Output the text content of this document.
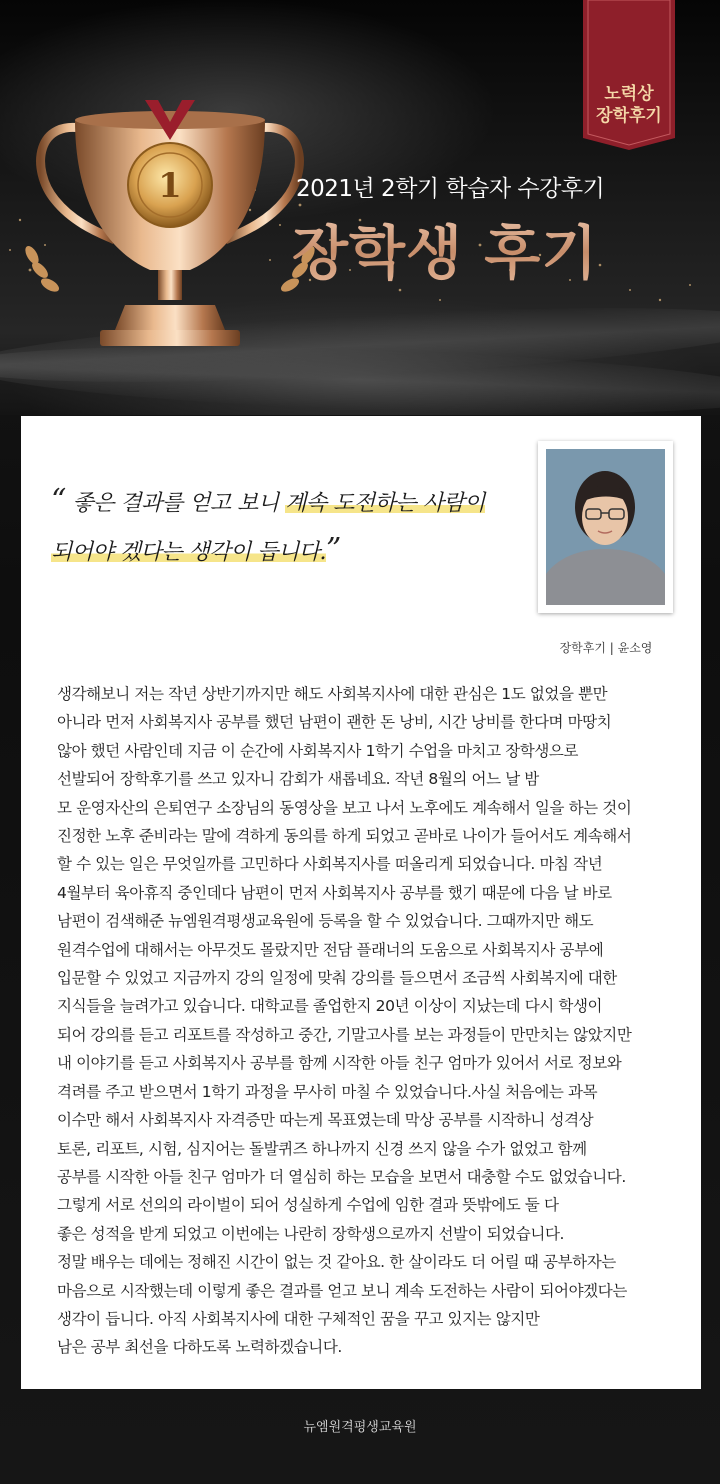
1
노력상
장학후기
2021년 2학기 학습자 수강후기
장학생 후기
“ 좋은 결과를 얻고 보니 계속 도전하는 사람이
되어야 겠다는 생각이 듭니다.”
장학후기 | 윤소영

생각해보니 저는 작년 상반기까지만 해도 사회복지사에 대한 관심은 1도 없었을 뿐만

아니라 먼저 사회복지사 공부를 했던 남편이 괜한 돈 낭비, 시간 낭비를 한다며 마땅치

않아 했던 사람인데 지금 이 순간에 사회복지사 1학기 수업을 마치고 장학생으로

선발되어 장학후기를 쓰고 있자니 감회가 새롭네요. 작년 8월의 어느 날 밤

모 운영자산의 은퇴연구 소장님의 동영상을 보고 나서 노후에도 계속해서 일을 하는 것이

진정한 노후 준비라는 말에 격하게 동의를 하게 되었고 곧바로 나이가 들어서도 계속해서

할 수 있는 일은 무엇일까를 고민하다 사회복지사를 떠올리게 되었습니다. 마침 작년

4월부터 육아휴직 중인데다 남편이 먼저 사회복지사 공부를 했기 때문에 다음 날 바로

남편이 검색해준 뉴엠원격평생교육원에 등록을 할 수 있었습니다. 그때까지만 해도

원격수업에 대해서는 아무것도 몰랐지만 전담 플래너의 도움으로 사회복지사 공부에

입문할 수 있었고 지금까지 강의 일정에 맞춰 강의를 들으면서 조금씩 사회복지에 대한

지식들을 늘려가고 있습니다. 대학교를 졸업한지 20년 이상이 지났는데 다시 학생이

되어 강의를 듣고 리포트를 작성하고 중간, 기말고사를 보는 과정들이 만만치는 않았지만

내 이야기를 듣고 사회복지사 공부를 함께 시작한 아들 친구 엄마가 있어서 서로 정보와

격려를 주고 받으면서 1학기 과정을 무사히 마칠 수 있었습니다.사실 처음에는 과목

이수만 해서 사회복지사 자격증만 따는게 목표였는데 막상 공부를 시작하니 성격상

토론, 리포트, 시험, 심지어는 돌발퀴즈 하나까지 신경 쓰지 않을 수가 없었고 함께

공부를 시작한 아들 친구 엄마가 더 열심히 하는 모습을 보면서 대충할 수도 없었습니다.

그렇게 서로 선의의 라이벌이 되어 성실하게 수업에 임한 결과 뜻밖에도 둘 다

좋은 성적을 받게 되었고 이번에는 나란히 장학생으로까지 선발이 되었습니다.

정말 배우는 데에는 정해진 시간이 없는 것 같아요. 한 살이라도 더 어릴 때 공부하자는

마음으로 시작했는데 이렇게 좋은 결과를 얻고 보니 계속 도전하는 사람이 되어야겠다는

생각이 듭니다. 아직 사회복지사에 대한 구체적인 꿈을 꾸고 있지는 않지만

남은 공부 최선을 다하도록 노력하겠습니다.

뉴엠원격평생교육원
